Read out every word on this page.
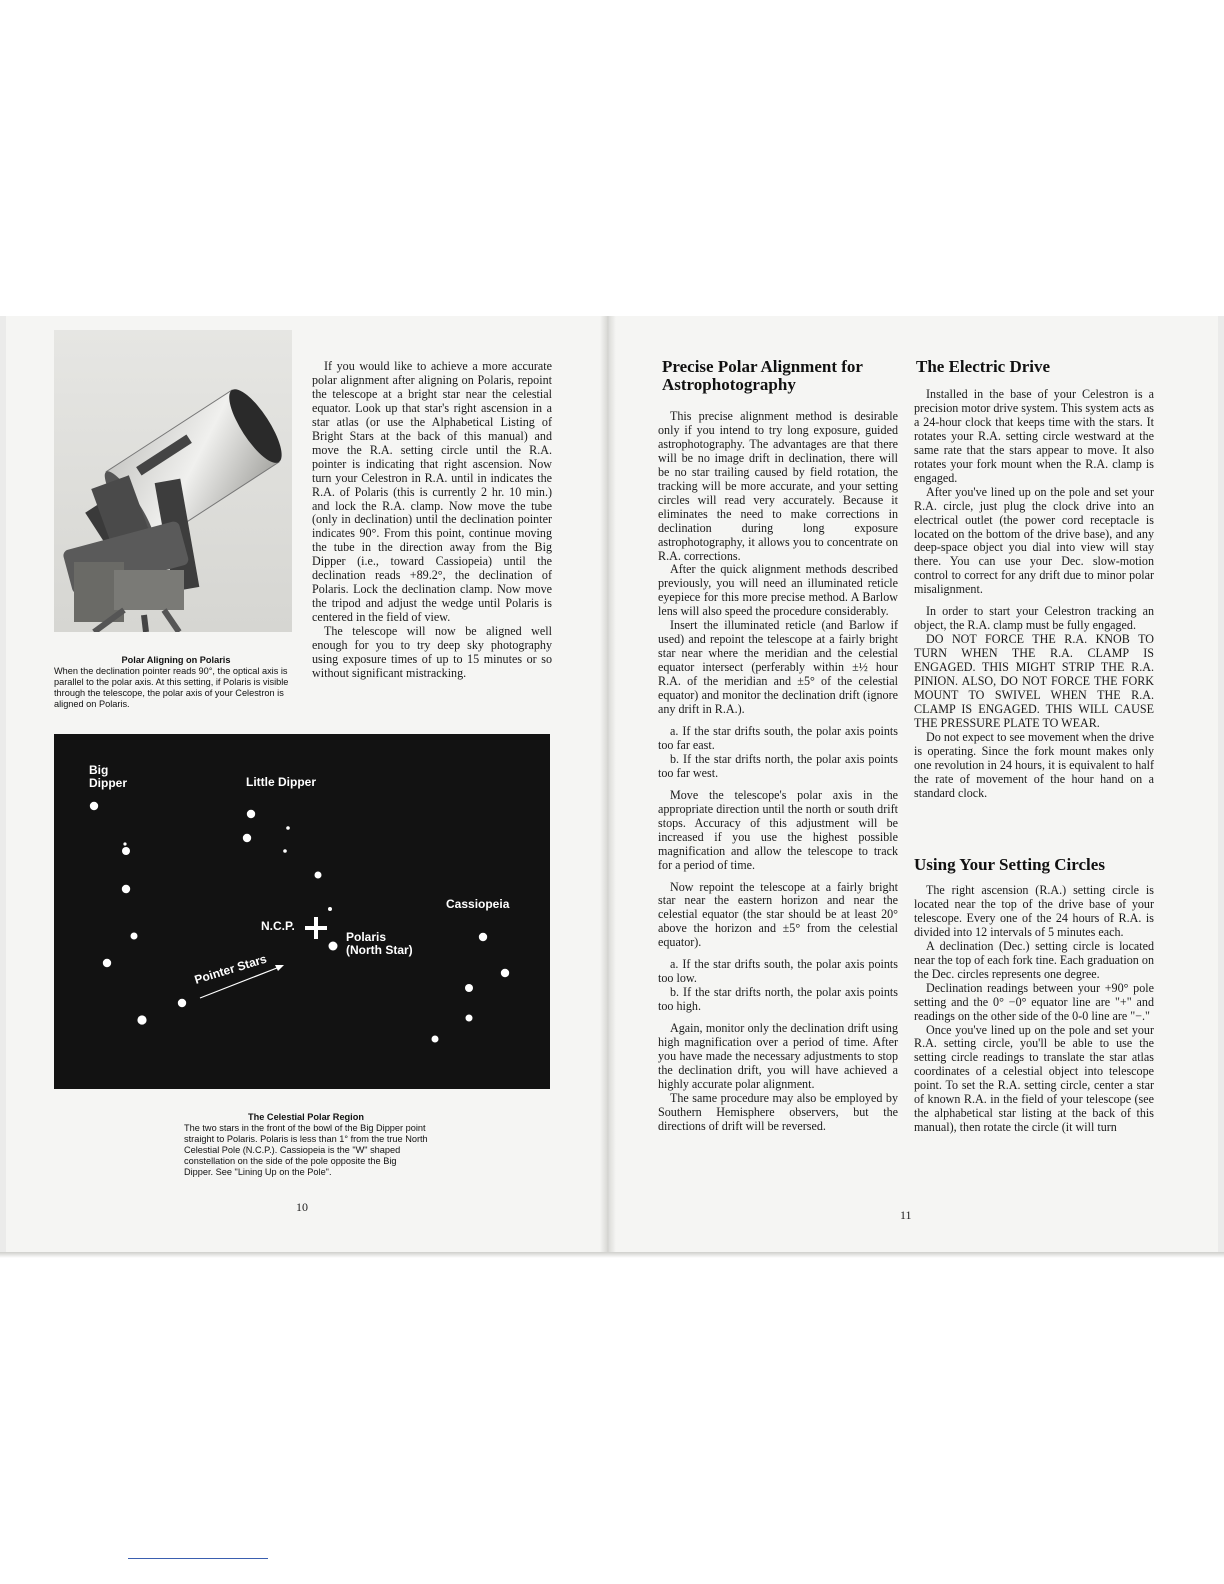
Polar Aligning on Polaris
When the declination pointer reads 90°, the optical axis is parallel to the polar axis. At this setting, if Polaris is visible through the telescope, the polar axis of your Celestron is aligned on Polaris.

If you would like to achieve a more accurate polar alignment after aligning on Polaris, repoint the telescope at a bright star near the celestial equator. Look up that star's right ascension in a star atlas (or use the Alphabetical Listing of Bright Stars at the back of this manual) and move the R.A. setting circle until the R.A. pointer is indicating that right ascension. Now turn your Celestron in R.A. until in indicates the R.A. of Polaris (this is currently 2 hr. 10 min.) and lock the R.A. clamp. Now move the tube (only in declination) until the declination pointer indicates 90°. From this point, continue moving the tube in the direction away from the Big Dipper (i.e., toward Cassiopeia) until the declination reads +89.2°, the declination of Polaris. Lock the declination clamp. Now move the tripod and adjust the wedge until Polaris is centered in the field of view.

The telescope will now be aligned well enough for you to try deep sky photography using exposure times of up to 15 minutes or so without significant mistracking.

Big
Dipper	Little Dipper
Cassiopeia
N.C.P.
Polaris
(North Star)
Pointer Stars
The Celestial Polar Region
The two stars in the front of the bowl of the Big Dipper point straight to Polaris. Polaris is less than 1° from the true North Celestial Pole (N.C.P.). Cassiopeia is the "W" shaped constellation on the side of the pole opposite the Big Dipper. See "Lining Up on the Pole".
10
Precise Polar Alignment for Astrophotography

This precise alignment method is desirable only if you intend to try long exposure, guided astrophotography. The advantages are that there will be no image drift in declination, there will be no star trailing caused by field rotation, the tracking will be more accurate, and your setting circles will read very accurately. Because it eliminates the need to make corrections in declination during long exposure astrophotography, it allows you to concentrate on R.A. corrections.

After the quick alignment methods described previously, you will need an illuminated reticle eyepiece for this more precise method. A Barlow lens will also speed the procedure considerably.

Insert the illuminated reticle (and Barlow if used) and repoint the telescope at a fairly bright star near where the meridian and the celestial equator intersect (perferably within ±½ hour R.A. of the meridian and ±5° of the celestial equator) and monitor the declination drift (ignore any drift in R.A.).

a. If the star drifts south, the polar axis points too far east.

b. If the star drifts north, the polar axis points too far west.

Move the telescope's polar axis in the appropriate direction until the north or south drift stops. Accuracy of this adjustment will be increased if you use the highest possible magnification and allow the telescope to track for a period of time.

Now repoint the telescope at a fairly bright star near the eastern horizon and near the celestial equator (the star should be at least 20° above the horizon and ±5° from the celestial equator).

a. If the star drifts south, the polar axis points too low.

b. If the star drifts north, the polar axis points too high.

Again, monitor only the declination drift using high magnification over a period of time. After you have made the necessary adjustments to stop the declination drift, you will have achieved a highly accurate polar alignment.

The same procedure may also be employed by Southern Hemisphere observers, but the directions of drift will be reversed.

The Electric Drive

Installed in the base of your Celestron is a precision motor drive system. This system acts as a 24-hour clock that keeps time with the stars. It rotates your R.A. setting circle westward at the same rate that the stars appear to move. It also rotates your fork mount when the R.A. clamp is engaged.

After you've lined up on the pole and set your R.A. circle, just plug the clock drive into an electrical outlet (the power cord receptacle is located on the bottom of the drive base), and any deep-space object you dial into view will stay there. You can use your Dec. slow-motion control to correct for any drift due to minor polar misalignment.

In order to start your Celestron tracking an object, the R.A. clamp must be fully engaged.

DO NOT FORCE THE R.A. KNOB TO TURN WHEN THE R.A. CLAMP IS ENGAGED. THIS MIGHT STRIP THE R.A. PINION. ALSO, DO NOT FORCE THE FORK MOUNT TO SWIVEL WHEN THE R.A. CLAMP IS ENGAGED. THIS WILL CAUSE THE PRESSURE PLATE TO WEAR.

Do not expect to see movement when the drive is operating. Since the fork mount makes only one revolution in 24 hours, it is equivalent to half the rate of movement of the hour hand on a standard clock.

Using Your Setting Circles

The right ascension (R.A.) setting circle is located near the top of the drive base of your telescope. Every one of the 24 hours of R.A. is divided into 12 intervals of 5 minutes each.

A declination (Dec.) setting circle is located near the top of each fork tine. Each graduation on the Dec. circles represents one degree.

Declination readings between your +90° pole setting and the 0° −0° equator line are "+" and readings on the other side of the 0-0 line are "−."

Once you've lined up on the pole and set your R.A. setting circle, you'll be able to use the setting circle readings to translate the star atlas coordinates of a celestial object into telescope point. To set the R.A. setting circle, center a star of known R.A. in the field of your telescope (see the alphabetical star listing at the back of this manual), then rotate the circle (it will turn

11
